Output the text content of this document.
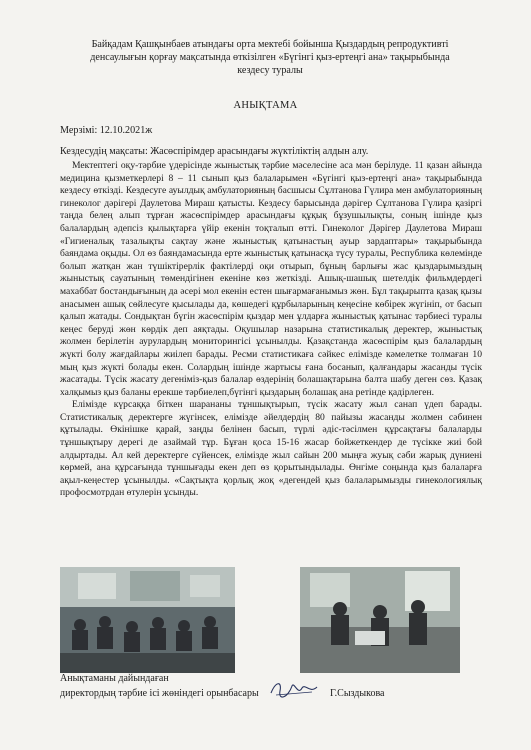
Байқадам Қашқынбаев атындағы орта мектебі бойынша Қыздардың репродуктивті
денсаулығын қорғау мақсатында өткізілген «Бүгінгі қыз-ертеңгі ана» тақырыбында
кездесу туралы
АНЫҚТАМА
Мерзімі: 12.10.2021ж
Кездесудің мақсаты: Жасөспірімдер арасындағы жүктіліктің алдын алу.

Мектептегі оқу-тәрбие үдерісінде жыныстық тәрбие мәселесіне аса мән берілуде. 11 қазан айында медицина қызметкерлері 8 – 11 сынып қыз балаларымен «Бүгінгі қыз-ертеңгі ана» тақырыбында кездесу өткізді. Кездесуге ауылдық амбулаторияның басшысы Сұлтанова Гүлира мен амбулаторияның гинеколог дәрігері Даулетова Мираш қатысты. Кездесу барысында дәрігер Сұлтанова Гүлира қазіргі таңда белең алып тұрған жасөспірімдер арасындағы құқық бұзушылықты, соның ішінде қыз балалардың әдепсіз қылықтарға үйір екенін тоқталып өтті. Гинеколог Дәрігер Даулетова Мираш «Гигиеналық тазалықты сақтау және жыныстық қатынастың ауыр зардаптары» тақырыбында баяндама оқыды. Ол өз баяндамасында ерте жыныстық қатынасқа түсу туралы, Республика көлемінде болып жатқан жан түшіктірерлік фактілерді оқи отырып, бұның барлығы жас қыздарымыздың жыныстық сауатының төмендігінен екеніне көз жеткізді. Ашық-шашық шетелдік фильмдердегі махаббат бостандығының да әсері мол екенін естен шығармағанымыз жөн. Бұл тақырыпта қазақ қызы анасымен ашық сөйлесуге қысылады да, көшедегі құрбыларының кеңесіне көбірек жүгініп, от басып қалып жатады. Сондықтан бүгін жасөспірім қыздар мен ұлдарға жыныстық қатынас тәрбиесі туралы кеңес беруді жөн көрдік деп аяқтады. Оқушылар назарына статистикалық деректер, жыныстық жолмен берілетін аурулардың мониторингісі ұсынылды. Қазақстанда жасөспірім қыз балалардың жүкті болу жағдайлары жиілеп барады. Ресми статистикаға сәйкес елімізде кәмелетке толмаған 10 мың қыз жүкті болады екен. Солардың ішінде жартысы ғана босанып, қалғандары жасанды түсік жасатады. Түсік жасату дегеніміз-қыз балалар өздерінің болашақтарына балта шабу деген сөз. Қазақ халқымыз қыз баланы ерекше тәрбиелеп,бүгінгі қыздарың болашақ ана ретінде қадірлеген.

Елімізде күрсаққа біткен шарананы тұншықтырып, түсік жасату жыл санап үдеп барады. Статистикалық деректерге жүгінсек, елімізде әйелдердің 80 пайызы жасанды жолмен сәбинен құтылады. Өкінішке қарай, заңды белінен басып, түрлі әдіс-тәсілмен құрсақтағы балаларды тұншықтыру дерегі де азаймай тұр. Бұған қоса 15-16 жасар бойжеткендер де түсікке жиі бой алдыртады. Ал кей деректерге сүйенсек, елімізде жыл сайын 200 мыңға жуық сәби жарық дүниені көрмей, ана құрсағында тұншығады екен деп өз қорытындылады. Өнгіме соңында қыз балаларға ақыл-кеңестер ұсынылды. «Сақтықта қорлық жоқ «дегендей қыз балаларымызды гинекологиялық профосмотрдан өтулерін ұсынды.

Анықтаманы дайындаған
директордың тәрбие ісі жөніндегі орынбасары	Г.Сыздыкова
